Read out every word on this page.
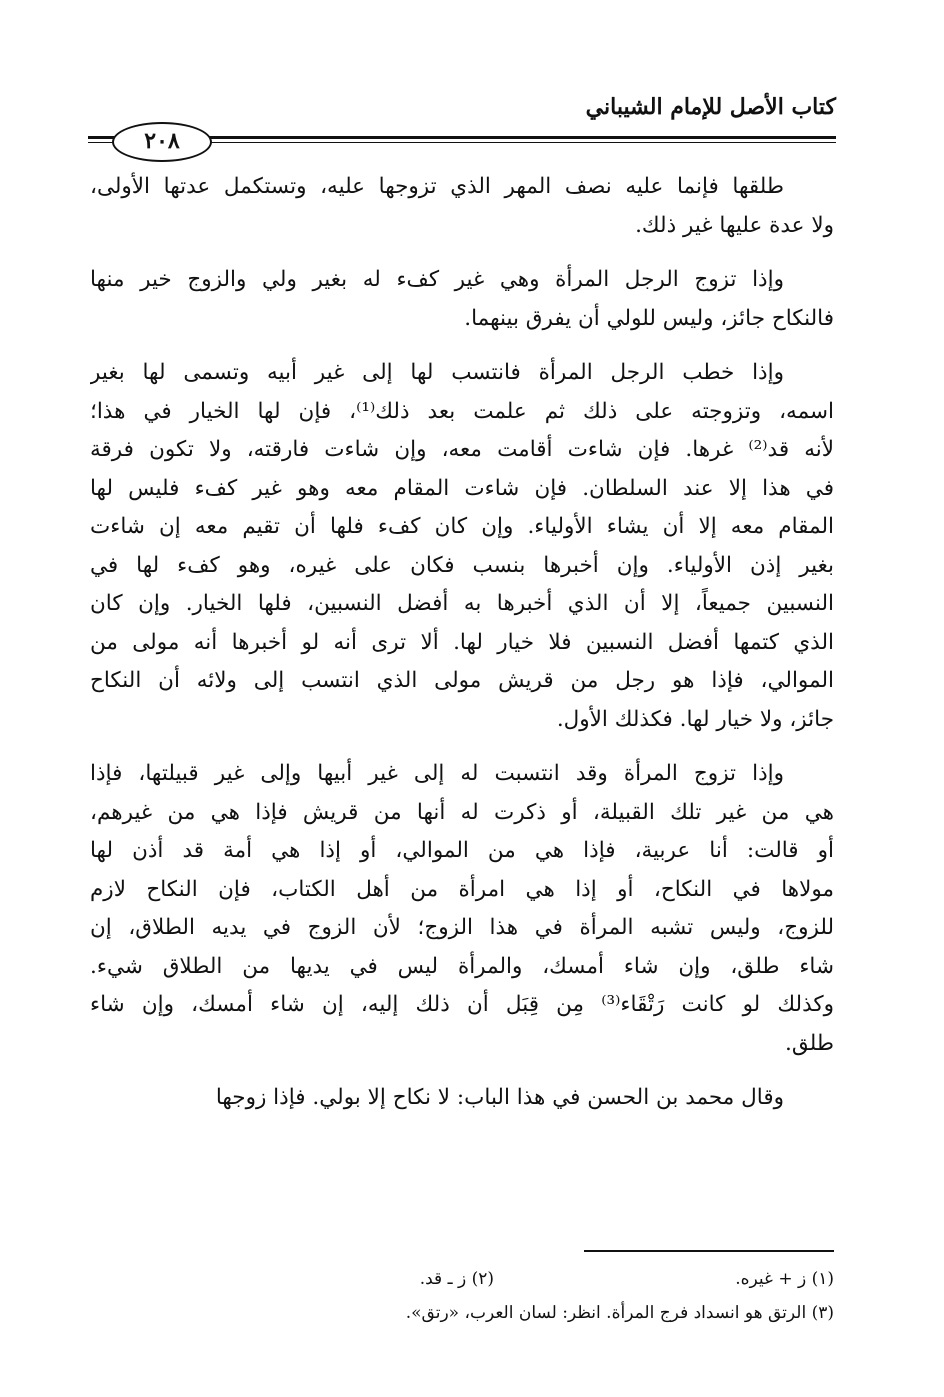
كتاب الأصل للإمام الشيباني
٢٠٨
طلقها فإنما عليه نصف المهر الذي تزوجها عليه، وتستكمل عدتها الأولى،
ولا عدة عليها غير ذلك.
وإذا تزوج الرجل المرأة وهي غير كفء له بغير ولي والزوج خير منها
فالنكاح جائز، وليس للولي أن يفرق بينهما.
وإذا خطب الرجل المرأة فانتسب لها إلى غير أبيه وتسمى لها بغير
اسمه، وتزوجته على ذلك ثم علمت بعد ذلك⁽¹⁾، فإن لها الخيار في هذا؛
لأنه قد⁽²⁾ غرها. فإن شاءت أقامت معه، وإن شاءت فارقته، ولا تكون فرقة
في هذا إلا عند السلطان. فإن شاءت المقام معه وهو غير كفء فليس لها
المقام معه إلا أن يشاء الأولياء. وإن كان كفء فلها أن تقيم معه إن شاءت
بغير إذن الأولياء. وإن أخبرها بنسب فكان على غيره، وهو كفء لها في
النسبين جميعاً، إلا أن الذي أخبرها به أفضل النسبين، فلها الخيار. وإن كان
الذي كتمها أفضل النسبين فلا خيار لها. ألا ترى أنه لو أخبرها أنه مولى من
الموالي، فإذا هو رجل من قريش مولى الذي انتسب إلى ولائه أن النكاح
جائز، ولا خيار لها. فكذلك الأول.
وإذا تزوج المرأة وقد انتسبت له إلى غير أبيها وإلى غير قبيلتها، فإذا
هي من غير تلك القبيلة، أو ذكرت له أنها من قريش فإذا هي من غيرهم،
أو قالت: أنا عربية، فإذا هي من الموالي، أو إذا هي أمة قد أذن لها
مولاها في النكاح، أو إذا هي امرأة من أهل الكتاب، فإن النكاح لازم
للزوج، وليس تشبه المرأة في هذا الزوج؛ لأن الزوج في يديه الطلاق، إن
شاء طلق، وإن شاء أمسك، والمرأة ليس في يديها من الطلاق شيء.
وكذلك لو كانت رَتْقَاء⁽³⁾ مِن قِبَل أن ذلك إليه، إن شاء أمسك، وإن شاء
طلق.
وقال محمد بن الحسن في هذا الباب: لا نكاح إلا بولي. فإذا زوجها
(١) ز + غيره.
(٢) ز ـ قد.
(٣) الرتق هو انسداد فرج المرأة. انظر: لسان العرب، «رتق».
